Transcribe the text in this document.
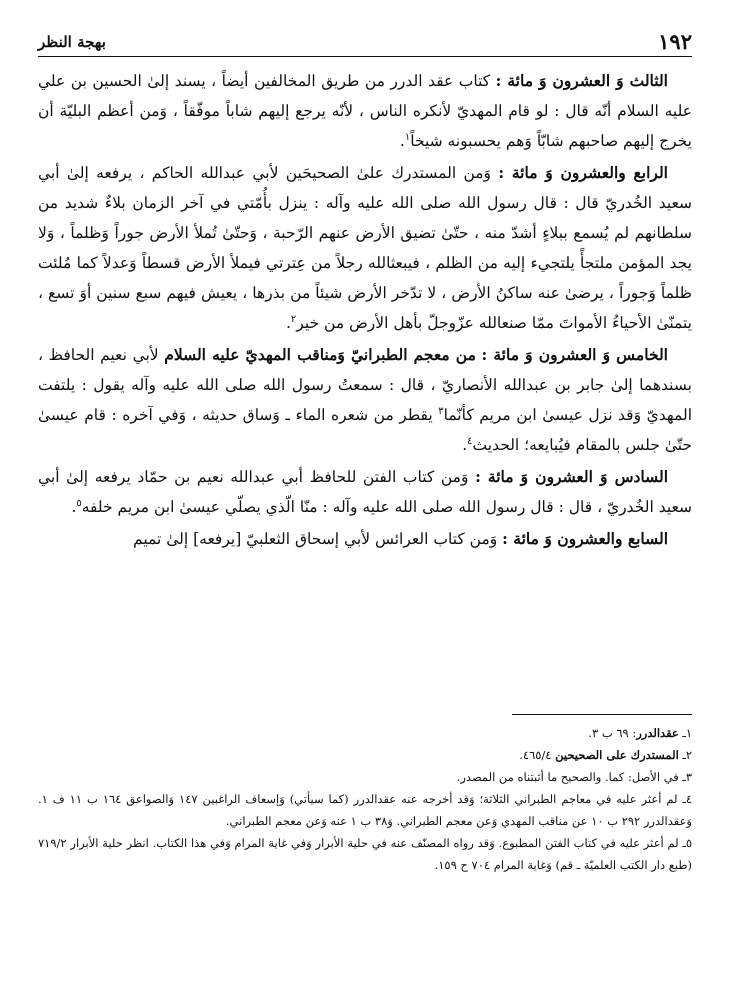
١٩٢
بهجة النظر

الثالث وَ العشرون وَ مائة : كتاب عقد الدرر من طريق المخالفين أيضاً ، يسند إلىٰ الحسين بن علي عليه السلام أنّه قال : لو قام المهديّ لأنكره الناس ، لأنّه يرجع إليهم شاباً موفّقاً ، وَمن أعظم البليّة أن يخرج إليهم صاحبهم شابّاً وَهم يحسبونه شيخاً$^١$.

الرابع والعشرون وَ مائة : وَمن المستدرك علىٰ الصحيحَين لأبي عبدالله الحاكم ، يرفعه إلىٰ أبي سعيد الخُدريّ قال : قال رسول الله صلى الله عليه وآله : ينزل بأُمّتي في آخر الزمان بلاءٌ شديد من سلطانهم لم يُسمع ببلاءٍ أشدّ منه ، حتّىٰ تضيق الأرض عنهم الرّحبة ، وَحتّىٰ تُملأ الأرض جوراً وَظلماً ، وَلا يجد المؤمن ملتجأً يلتجيء إليه من الظلم ، فيبعثالله رجلاً من عِترتي فيملأ الأرض قسطاً وَعدلاً كما مُلئت ظلماً وَجوراً ، يرضىٰ عنه ساكنُ الأرض ، لا تدّخر الأرض شيئاً من بذرها ، يعيش فيهم سبع سنين أوَ تسع ، يتمنّىٰ الأحياءُ الأمواتَ ممّا صنعالله عزّوجلّ بأهل الأرض من خير$^٢$.

الخامس وَ العشرون وَ مائة : من معجم الطبرانيّ وَمناقب المهديّ عليه السلام لأبي نعيم الحافظ ، بسندهما إلىٰ جابر بن عبدالله الأنصاريّ ، قال : سمعتُ رسول الله صلى الله عليه وآله يقول : يلتفت المهديّ وَقد نزل عيسىٰ ابن مريم كأنّما$^٣$ يقطر من شعره الماء ـ وَساق حديثه ، وَفي آخره : قام عيسىٰ حتّىٰ جلس بالمقام فيُبايعه؛ الحديث$^٤$.

السادس وَ العشرون وَ مائة : وَمن كتاب الفتن للحافظ أبي عبدالله نعيم بن حمّاد يرفعه إلىٰ أبي سعيد الخُدريّ ، قال : قال رسول الله صلى الله عليه وآله : منّا الّذي يصلّي عيسىٰ ابن مريم خلفه$^٥$.

السابع والعشرون وَ مائة : وَمن كتاب العرائس لأبي إسحاق الثعلبيّ [يرفعه] إلىٰ تميم

١ـ عقدالدرر: ٦٩ ب ٣.

٢ـ المستدرك على الصحيحين ٤٦٥/٤.

٣ـ في الأصل: كما. والصحيح ما أثبتناه من المصدر.

٤ـ لم أعثر عليه في معاجم الطبراني الثلاثة؛ وَقد أخرجه عنه عقدالدرر (كما سيأتي) وَإسعاف الراغبين ١٤٧ وَالصواعق ١٦٤ ب ١١ ف ١. وَعقدالدرر ٢٩٢ ب ١٠ عن مناقب المهدي وَعن معجم الطبراني. وَ٣٨ ب ١ عنه وَعن معجم الطبراني.

٥ـ لم أعثر عليه في كتاب الفتن المطبوع. وَقد رواه المصنّف عنه في حلية الأبرار وَفي غاية المرام وَفي هذا الكتاب. انظر حلية الأبرار ٧١٩/٢ (طبع دار الكتب العلميّة ـ قم) وَغاية المرام ٧٠٤ ح ١٥٩.
